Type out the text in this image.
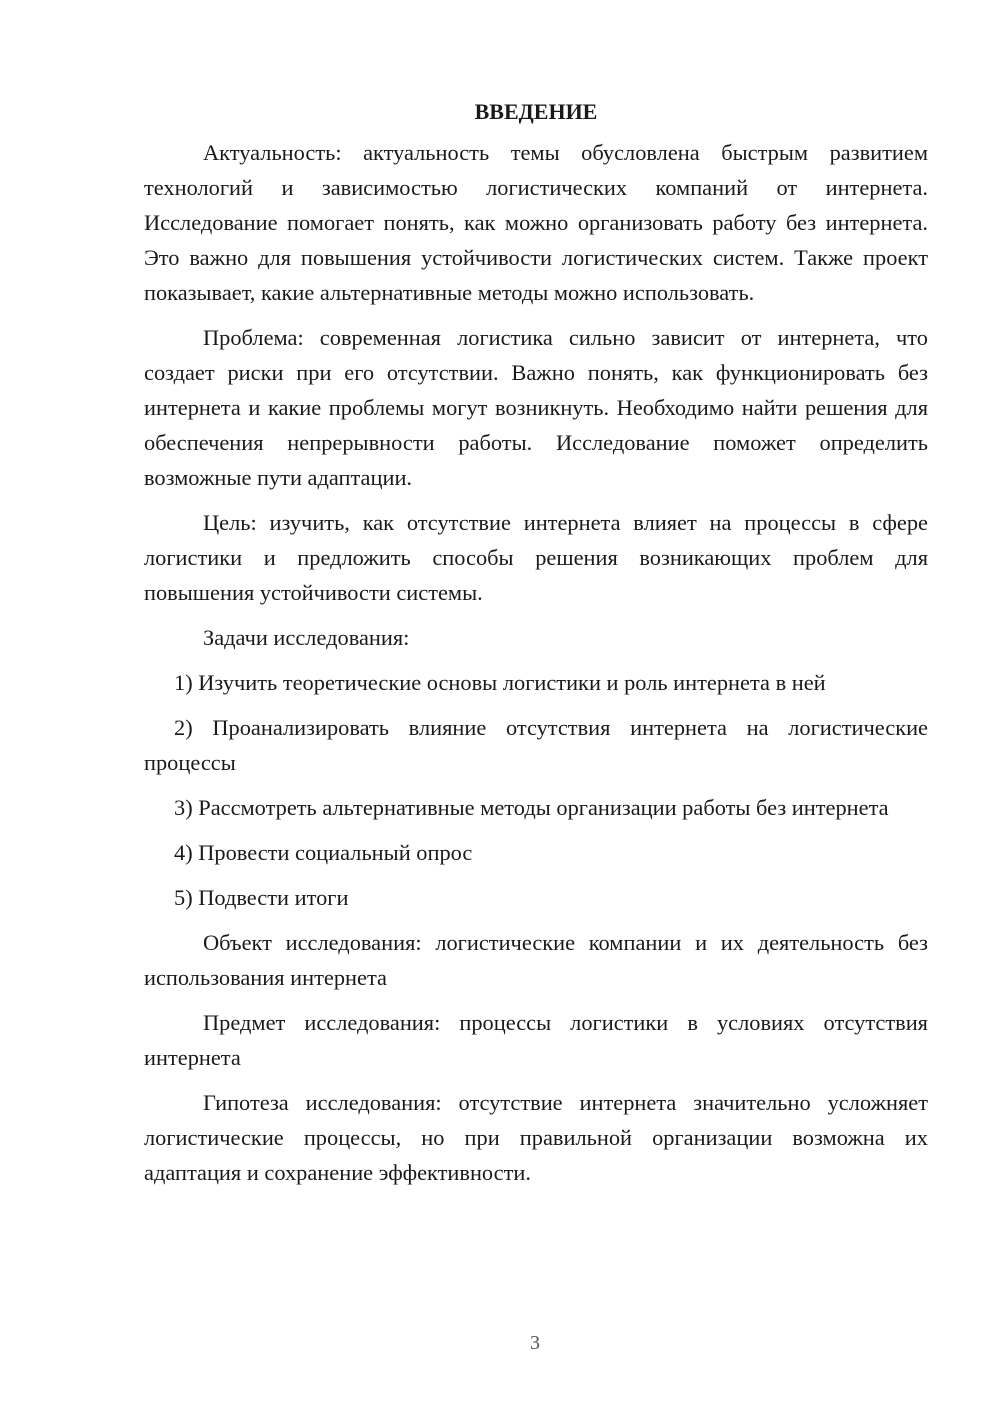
ВВЕДЕНИЕ

Актуальность: актуальность темы обусловлена быстрым развитием технологий и зависимостью логистических компаний от интернета. Исследование помогает понять, как можно организовать работу без интернета. Это важно для повышения устойчивости логистических систем. Также проект показывает, какие альтернативные методы можно использовать.

Проблема: современная логистика сильно зависит от интернета, что создает риски при его отсутствии. Важно понять, как функционировать без интернета и какие проблемы могут возникнуть. Необходимо найти решения для обеспечения непрерывности работы. Исследование поможет определить возможные пути адаптации.

Цель: изучить, как отсутствие интернета влияет на процессы в сфере логистики и предложить способы решения возникающих проблем для повышения устойчивости системы.

Задачи исследования:

1) Изучить теоретические основы логистики и роль интернета в ней

2) Проанализировать влияние отсутствия интернета на логистические процессы

3) Рассмотреть альтернативные методы организации работы без интернета

4) Провести социальный опрос

5) Подвести итоги

Объект исследования: логистические компании и их деятельность без использования интернета

Предмет исследования: процессы логистики в условиях отсутствия интернета

Гипотеза исследования: отсутствие интернета значительно усложняет логистические процессы, но при правильной организации возможна их адаптация и сохранение эффективности.

3
